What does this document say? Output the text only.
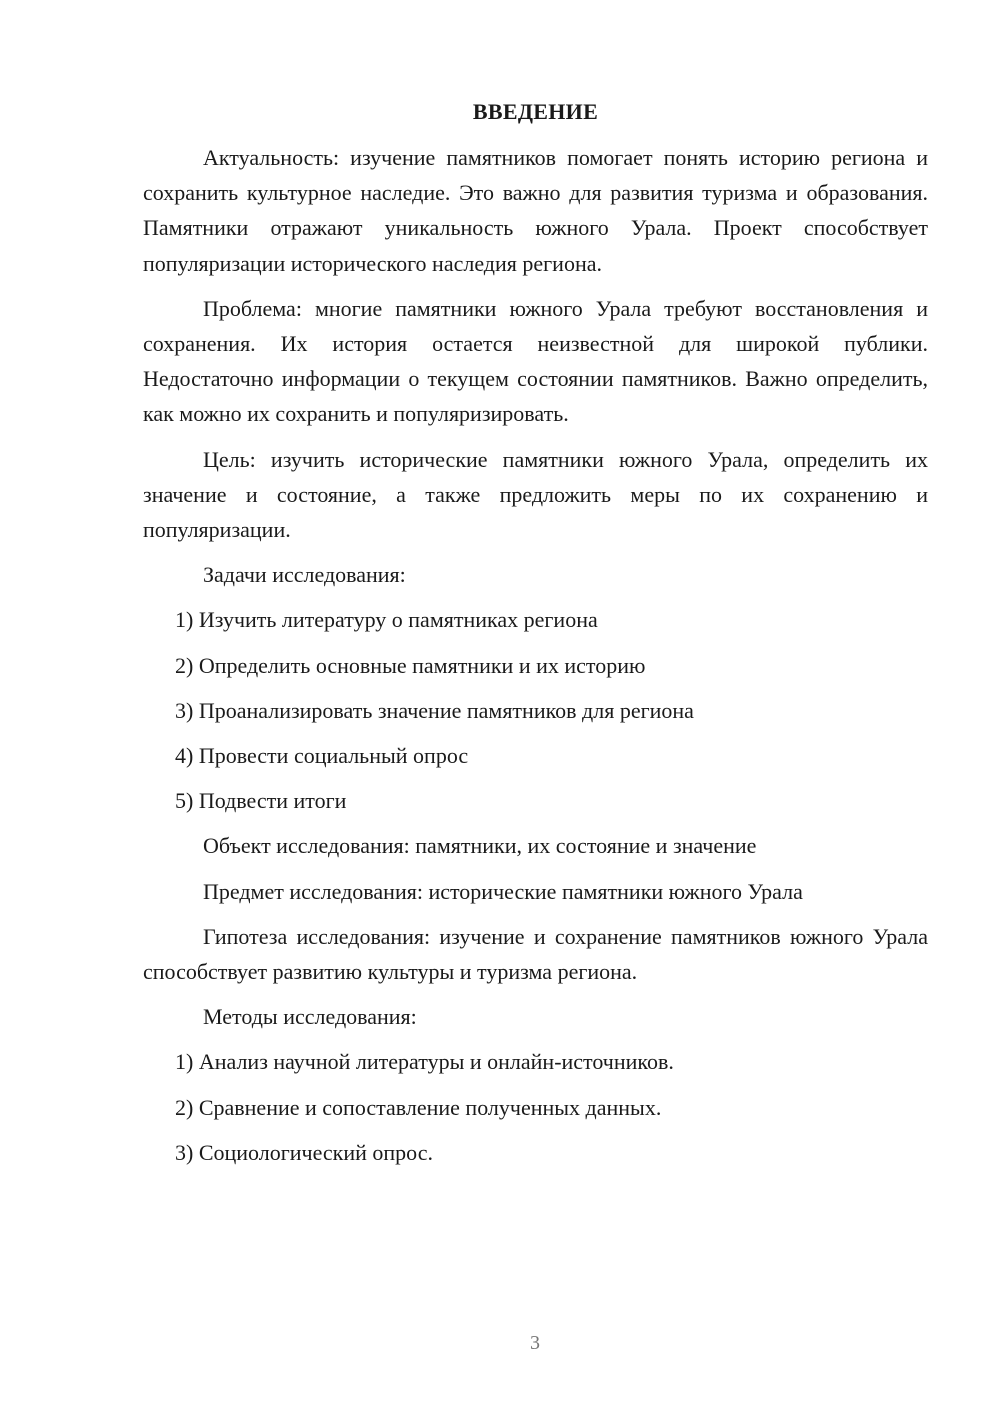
ВВЕДЕНИЕ

Актуальность: изучение памятников помогает понять историю региона и сохранить культурное наследие. Это важно для развития туризма и образования. Памятники отражают уникальность южного Урала. Проект способствует популяризации исторического наследия региона.

Проблема: многие памятники южного Урала требуют восстановления и сохранения. Их история остается неизвестной для широкой публики. Недостаточно информации о текущем состоянии памятников. Важно определить, как можно их сохранить и популяризировать.

Цель: изучить исторические памятники южного Урала, определить их значение и состояние, а также предложить меры по их сохранению и популяризации.

Задачи исследования:
1) Изучить литературу о памятниках региона
2) Определить основные памятники и их историю
3) Проанализировать значение памятников для региона
4) Провести социальный опрос
5) Подвести итоги
Объект исследования: памятники, их состояние и значение
Предмет исследования: исторические памятники южного Урала

Гипотеза исследования: изучение и сохранение памятников южного Урала способствует развитию культуры и туризма региона.

Методы исследования:
1) Анализ научной литературы и онлайн-источников.
2) Сравнение и сопоставление полученных данных.
3) Социологический опрос.
3
